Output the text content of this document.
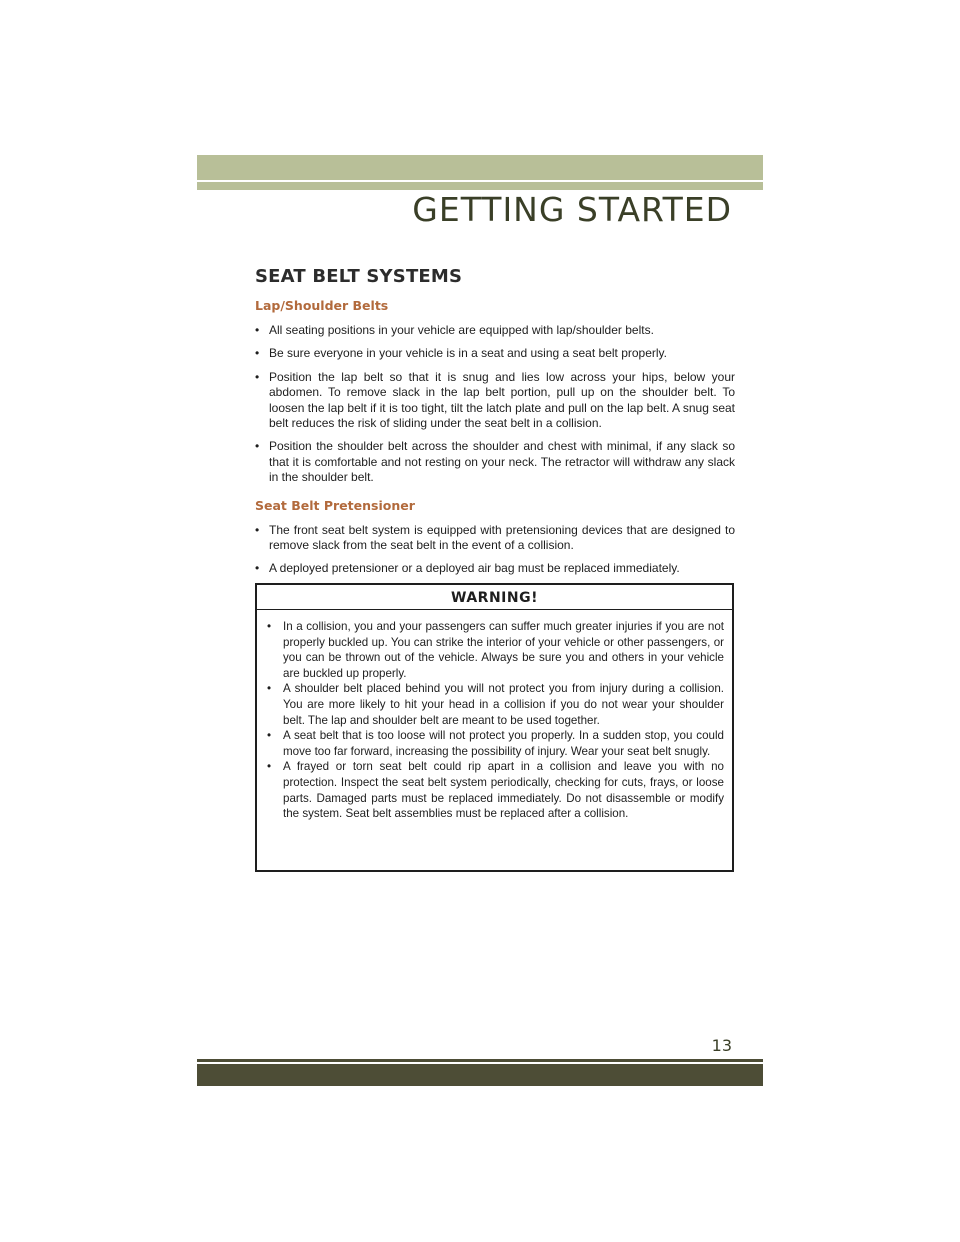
GETTING STARTED
SEAT BELT SYSTEMS
Lap/Shoulder Belts
• All seating positions in your vehicle are equipped with lap/shoulder belts.
• Be sure everyone in your vehicle is in a seat and using a seat belt properly.
• Position the lap belt so that it is snug and lies low across your hips, below your abdomen. To remove slack in the lap belt portion, pull up on the shoulder belt. To loosen the lap belt if it is too tight, tilt the latch plate and pull on the lap belt. A snug seat belt reduces the risk of sliding under the seat belt in a collision.
• Position the shoulder belt across the shoulder and chest with minimal, if any slack so that it is comfortable and not resting on your neck. The retractor will withdraw any slack in the shoulder belt.
Seat Belt Pretensioner
• The front seat belt system is equipped with pretensioning devices that are designed to remove slack from the seat belt in the event of a collision.
• A deployed pretensioner or a deployed air bag must be replaced immediately.
WARNING!
• In a collision, you and your passengers can suffer much greater injuries if you are not properly buckled up. You can strike the interior of your vehicle or other passengers, or you can be thrown out of the vehicle. Always be sure you and others in your vehicle are buckled up properly.
• A shoulder belt placed behind you will not protect you from injury during a collision. You are more likely to hit your head in a collision if you do not wear your shoulder belt. The lap and shoulder belt are meant to be used together.
• A seat belt that is too loose will not protect you properly. In a sudden stop, you could move too far forward, increasing the possibility of injury. Wear your seat belt snugly.
• A frayed or torn seat belt could rip apart in a collision and leave you with no protection. Inspect the seat belt system periodically, checking for cuts, frays, or loose parts. Damaged parts must be replaced immediately. Do not disassemble or modify the system. Seat belt assemblies must be replaced after a collision.
13
